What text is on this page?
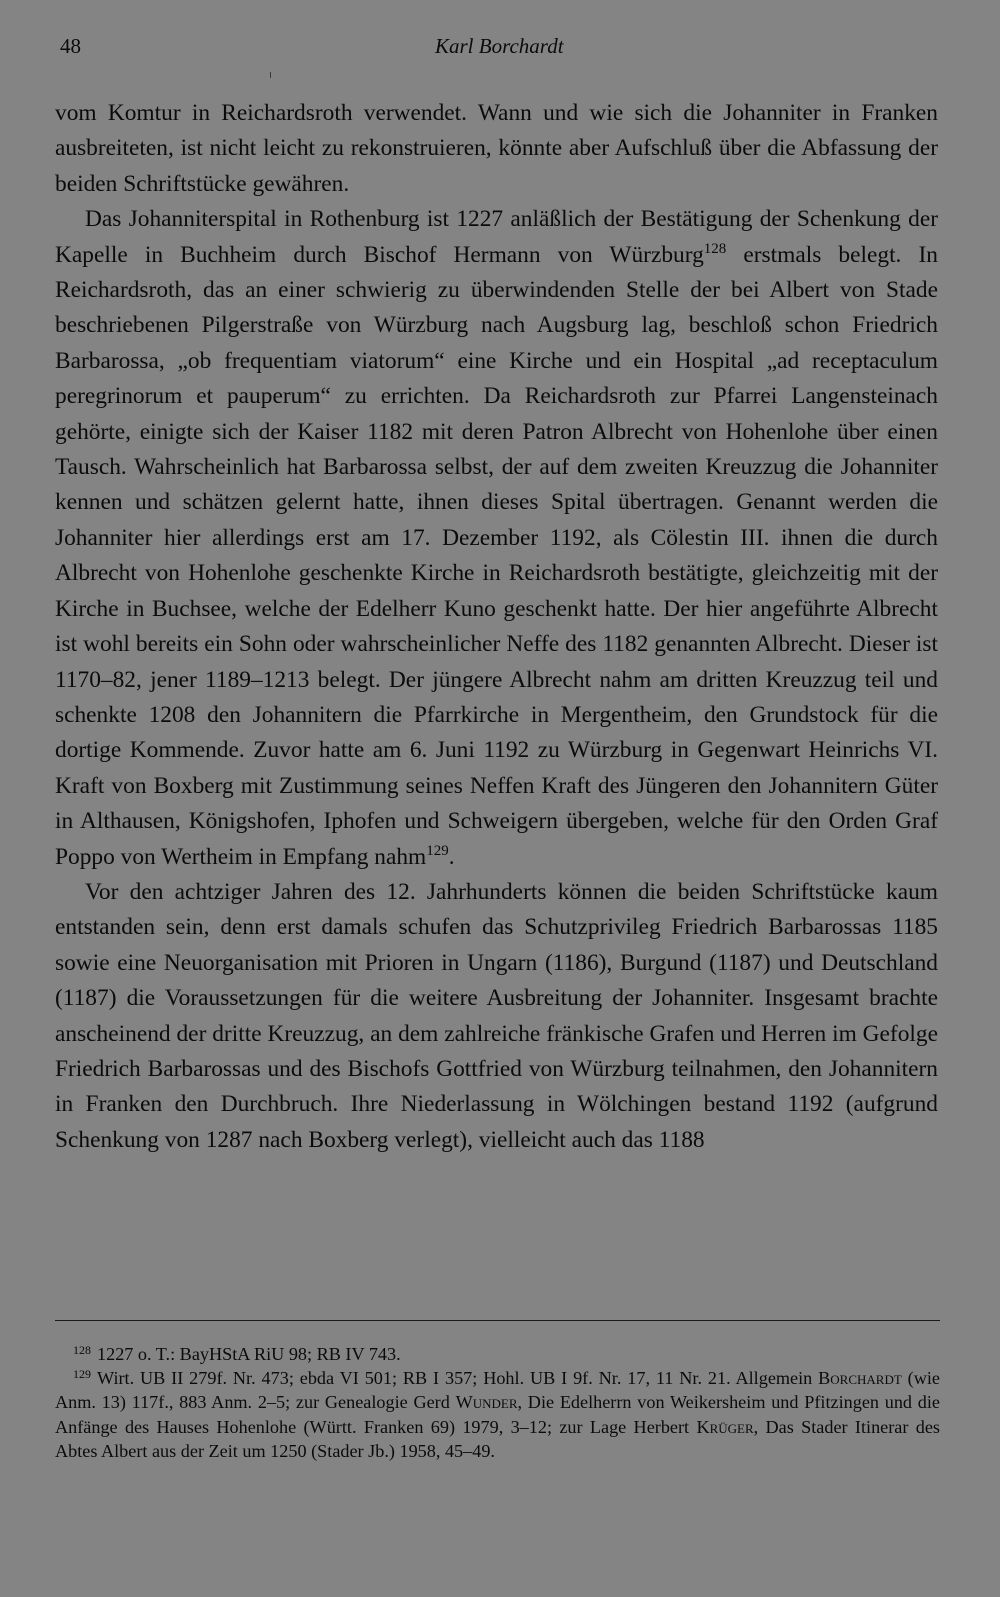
48	Karl Borchardt

vom Komtur in Reichardsroth verwendet. Wann und wie sich die Johanniter in Franken ausbreiteten, ist nicht leicht zu rekonstruieren, könnte aber Aufschluß über die Abfassung der beiden Schriftstücke gewähren.

Das Johanniterspital in Rothenburg ist 1227 anläßlich der Bestätigung der Schenkung der Kapelle in Buchheim durch Bischof Hermann von Würzburg$^{128}$ erstmals belegt. In Reichardsroth, das an einer schwierig zu überwindenden Stelle der bei Albert von Stade beschriebenen Pilgerstraße von Würzburg nach Augsburg lag, beschloß schon Friedrich Barbarossa, „ob frequentiam viatorum“ eine Kirche und ein Hospital „ad receptaculum peregrinorum et pauperum“ zu errichten. Da Reichardsroth zur Pfarrei Langensteinach gehörte, einigte sich der Kaiser 1182 mit deren Patron Albrecht von Hohenlohe über einen Tausch. Wahrscheinlich hat Barbarossa selbst, der auf dem zweiten Kreuzzug die Johanniter kennen und schätzen gelernt hatte, ihnen dieses Spital übertragen. Genannt werden die Johanniter hier allerdings erst am 17. Dezember 1192, als Cölestin III. ihnen die durch Albrecht von Hohenlohe geschenkte Kirche in Reichardsroth bestätigte, gleichzeitig mit der Kirche in Buchsee, welche der Edelherr Kuno geschenkt hatte. Der hier angeführte Albrecht ist wohl bereits ein Sohn oder wahrscheinlicher Neffe des 1182 genannten Albrecht. Dieser ist 1170–82, jener 1189–1213 belegt. Der jüngere Albrecht nahm am dritten Kreuzzug teil und schenkte 1208 den Johannitern die Pfarrkirche in Mergentheim, den Grundstock für die dortige Kommende. Zuvor hatte am 6. Juni 1192 zu Würzburg in Gegenwart Heinrichs VI. Kraft von Boxberg mit Zustimmung seines Neffen Kraft des Jüngeren den Johannitern Güter in Althausen, Königshofen, Iphofen und Schweigern übergeben, welche für den Orden Graf Poppo von Wertheim in Empfang nahm$^{129}$.

Vor den achtziger Jahren des 12. Jahrhunderts können die beiden Schriftstücke kaum entstanden sein, denn erst damals schufen das Schutzprivileg Friedrich Barbarossas 1185 sowie eine Neuorganisation mit Prioren in Ungarn (1186), Burgund (1187) und Deutschland (1187) die Voraussetzungen für die weitere Ausbreitung der Johanniter. Insgesamt brachte anscheinend der dritte Kreuzzug, an dem zahlreiche fränkische Grafen und Herren im Gefolge Friedrich Barbarossas und des Bischofs Gottfried von Würzburg teilnahmen, den Johannitern in Franken den Durchbruch. Ihre Niederlassung in Wölchingen bestand 1192 (aufgrund Schenkung von 1287 nach Boxberg verlegt), vielleicht auch das 1188

$^{128}$ 1227 o. T.: BayHStA RiU 98; RB IV 743.

$^{129}$ Wirt. UB II 279f. Nr. 473; ebda VI 501; RB I 357; Hohl. UB I 9f. Nr. 17, 11 Nr. 21. Allgemein Borchardt (wie Anm. 13) 117f., 883 Anm. 2–5; zur Genealogie Gerd Wunder, Die Edelherrn von Weikersheim und Pfitzingen und die Anfänge des Hauses Hohenlohe (Württ. Franken 69) 1979, 3–12; zur Lage Herbert Krüger, Das Stader Itinerar des Abtes Albert aus der Zeit um 1250 (Stader Jb.) 1958, 45–49.
